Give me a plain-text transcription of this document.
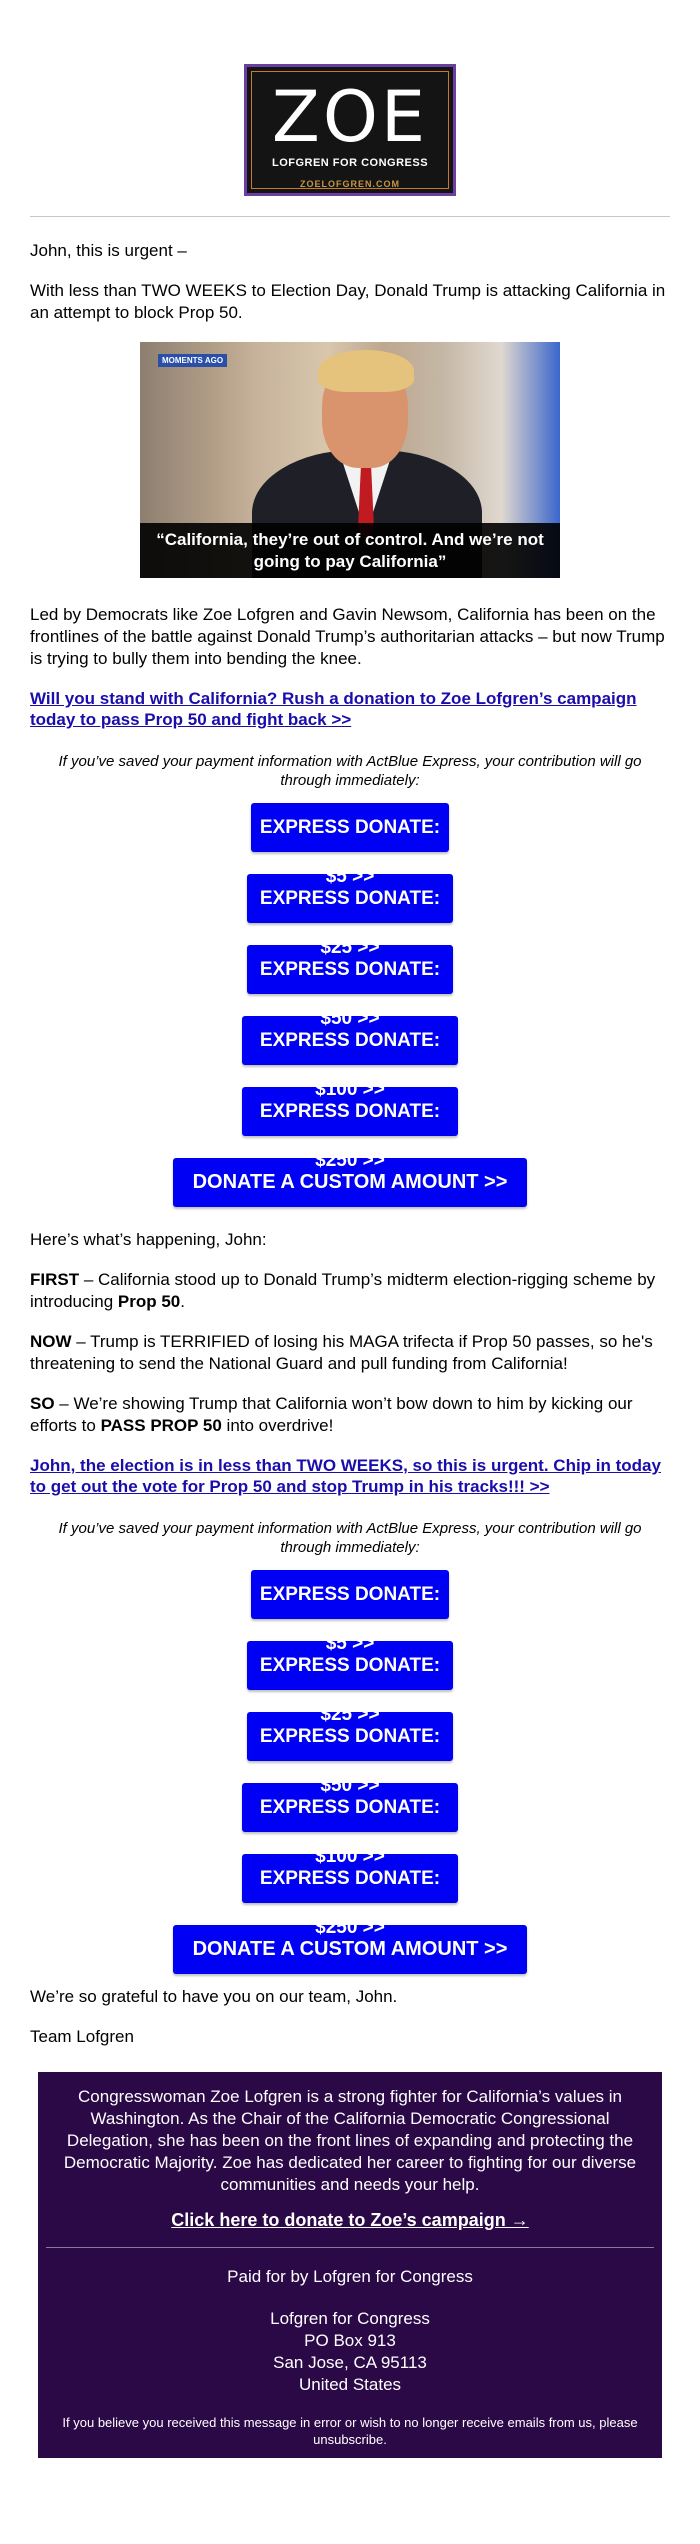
ZOE
LOFGREN FOR CONGRESS
ZOELOFGREN.COM

John, this is urgent –

With less than TWO WEEKS to Election Day, Donald Trump is attacking California in an attempt to block Prop 50.

MOMENTS AGO
“California, they’re out of control. And we’re not
going to pay California”

Led by Democrats like Zoe Lofgren and Gavin Newsom, California has been on the frontlines of the battle against Donald Trump’s authoritarian attacks – but now Trump is trying to bully them into bending the knee.

Will you stand with California? Rush a donation to Zoe Lofgren’s campaign today to pass Prop 50 and fight back >>

If you’ve saved your payment information with ActBlue Express, your contribution will go through immediately:

EXPRESS DONATE:
EXPRESS DONATE:
EXPRESS DONATE:
EXPRESS DONATE:
EXPRESS DONATE:
DONATE A CUSTOM AMOUNT >>

Here’s what’s happening, John:

FIRST – California stood up to Donald Trump’s midterm election-rigging scheme by introducing Prop 50.

NOW – Trump is TERRIFIED of losing his MAGA trifecta if Prop 50 passes, so he's threatening to send the National Guard and pull funding from California!

SO – We’re showing Trump that California won’t bow down to him by kicking our efforts to PASS PROP 50 into overdrive!

John, the election is in less than TWO WEEKS, so this is urgent. Chip in today to get out the vote for Prop 50 and stop Trump in his tracks!!! >>

If you’ve saved your payment information with ActBlue Express, your contribution will go through immediately:

EXPRESS DONATE:
EXPRESS DONATE:
EXPRESS DONATE:
EXPRESS DONATE:
EXPRESS DONATE:
DONATE A CUSTOM AMOUNT >>

We’re so grateful to have you on our team, John.

Team Lofgren

Congresswoman Zoe Lofgren is a strong fighter for California’s values in Washington. As the Chair of the California Democratic Congressional Delegation, she has been on the front lines of expanding and protecting the Democratic Majority. Zoe has dedicated her career to fighting for our diverse communities and needs your help.

Click here to donate to Zoe’s campaign →

Paid for by Lofgren for Congress

Lofgren for Congress

PO Box 913

San Jose, CA 95113

United States

If you believe you received this message in error or wish to no longer receive emails from us, please unsubscribe.
